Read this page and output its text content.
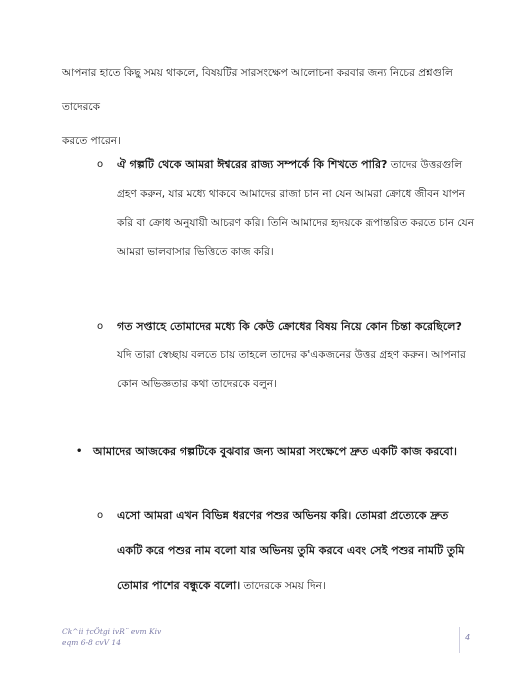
আপনার হাতে কিছু সময় থাকলে, বিষয়টির সারসংক্ষেপ আলোচনা করবার জন্য নিচের প্রশ্নগুলি তাদেরকে
করতে পারেন।
o ঐ গল্পটি থেকে আমরা ঈশ্বরের রাজ্য সম্পর্কে কি শিখতে পারি? তাদের উত্তরগুলি
গ্রহণ করুন, যার মধ্যে থাকবে আমাদের রাজা চান না যেন আমরা ক্রোধে জীবন যাপন
করি বা ক্রোধ অনুযায়ী আচরণ করি। তিনি আমাদের হৃদয়কে রূপান্তরিত করতে চান যেন
আমরা ভালবাসার ভিত্তিতে কাজ করি।
o গত সপ্তাহে তোমাদের মধ্যে কি কেউ ক্রোধের বিষয় নিয়ে কোন চিন্তা করেছিলে?
যদি তারা স্বেচ্ছায় বলতে চায় তাহলে তাদের ক'একজনের উত্তর গ্রহণ করুন। আপনার
কোন অভিজ্ঞতার কথা তাদেরকে বলুন।
• আমাদের আজকের গল্পটিকে বুঝবার জন্য আমরা সংক্ষেপে দ্রুত একটি কাজ করবো।
o এসো আমরা এখন বিভিন্ন ধরণের পশুর অভিনয় করি। তোমরা প্রত্যেকে দ্রুত
একটি করে পশুর নাম বলো যার অভিনয় তুমি করবে এবং সেই পশুর নামটি তুমি
তোমার পাশের বন্ধুকে বলো। তাদেরকে সময় দিন।
Ck^ii †cÖtgi ivR¨ evm Kiv
eqm 6-8 cvV 14
4
